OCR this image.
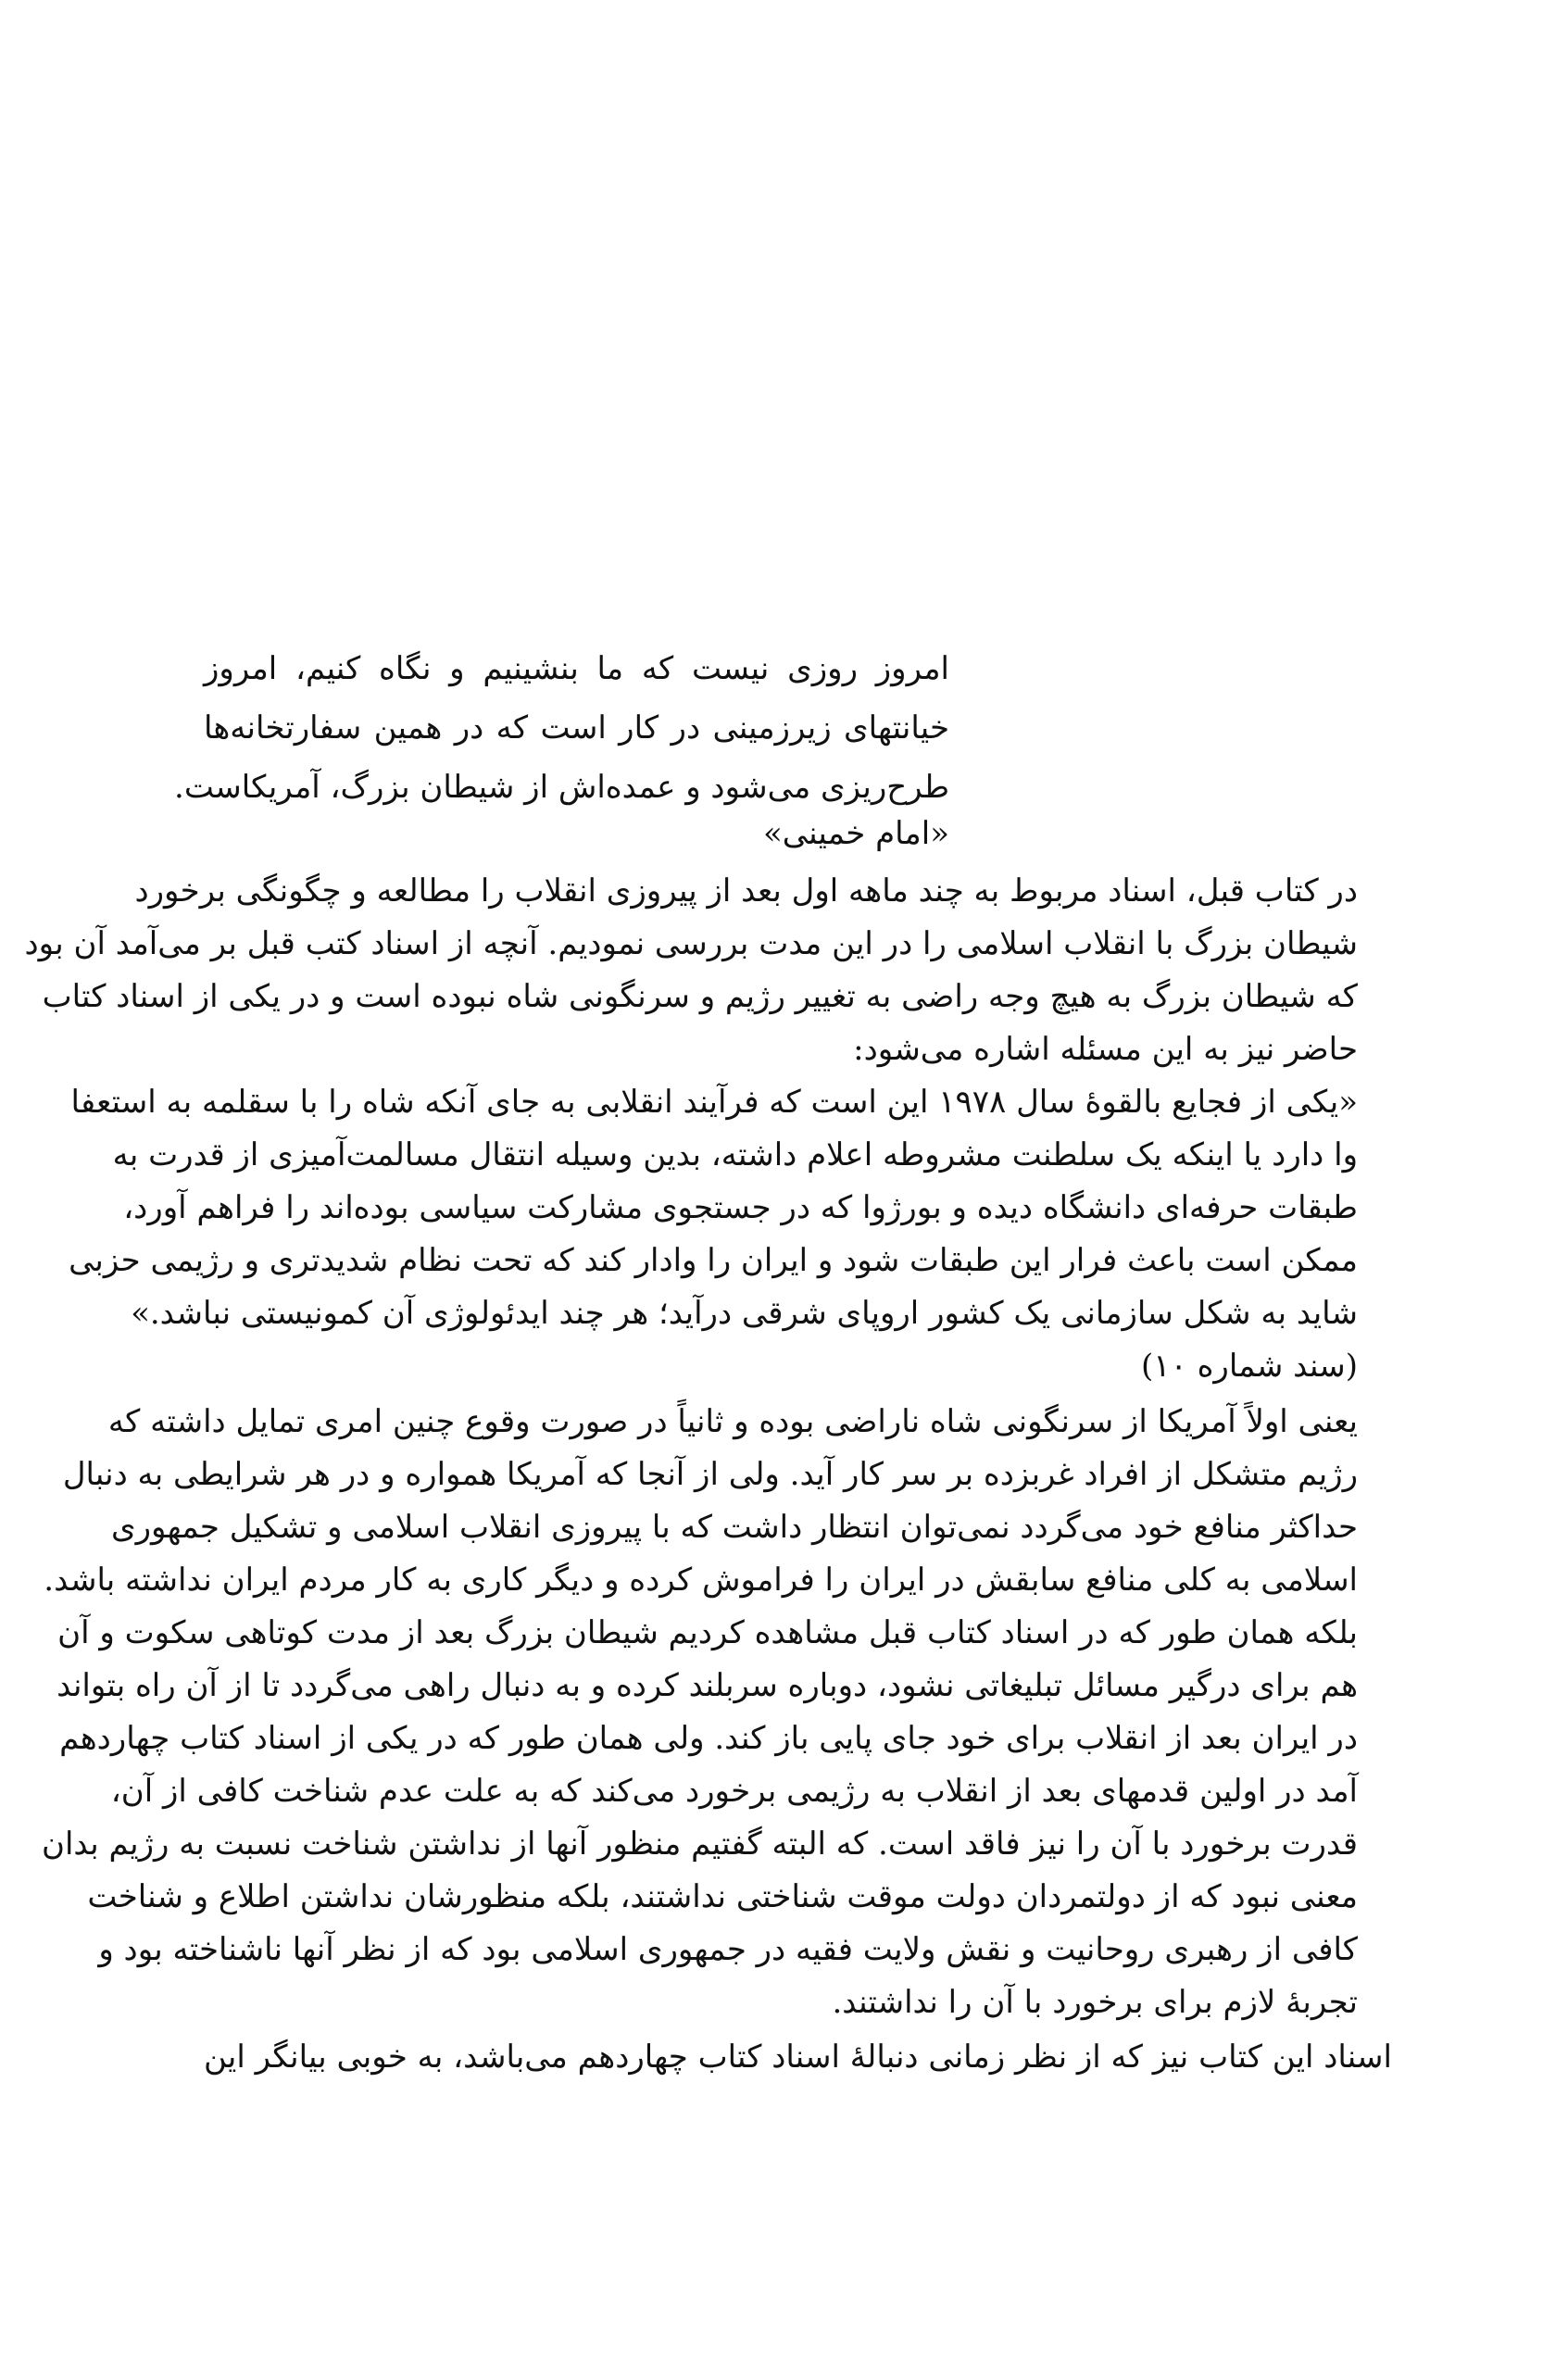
امروز روزی نیست که ما بنشینیم و نگاه کنیم، امروز

خیانتهای زیرزمینی در کار است که در همین سفارتخانه‌ها

طرح‌ریزی می‌شود و عمده‌اش از شیطان بزرگ، آمریکاست.

«امام خمینی»

در کتاب قبل، اسناد مربوط به چند ماهه اول بعد از پیروزی انقلاب را مطالعه و چگونگی برخورد

شیطان بزرگ با انقلاب اسلامی را در این مدت بررسی نمودیم. آنچه از اسناد کتب قبل بر می‌آمد آن بود

که شیطان بزرگ به هیچ وجه راضی به تغییر رژیم و سرنگونی شاه نبوده است و در یکی از اسناد کتاب

حاضر نیز به این مسئله اشاره می‌شود:

«یکی از فجایع بالقوهٔ سال ۱۹۷۸ این است که فرآیند انقلابی به جای آنکه شاه را با سقلمه به استعفا

وا دارد یا اینکه یک سلطنت مشروطه اعلام داشته، بدین وسیله انتقال مسالمت‌آمیزی از قدرت به

طبقات حرفه‌ای دانشگاه دیده و بورژوا که در جستجوی مشارکت سیاسی بوده‌اند را فراهم آورد،

ممکن است باعث فرار این طبقات شود و ایران را وادار کند که تحت نظام شدیدتری و رژیمی حزبی

شاید به شکل سازمانی یک کشور اروپای شرقی درآید؛ هر چند ایدئولوژی آن کمونیستی نباشد.»

(سند شماره ۱۰)

یعنی اولاً آمریکا از سرنگونی شاه ناراضی بوده و ثانیاً در صورت وقوع چنین امری تمایل داشته که

رژیم متشکل از افراد غربزده بر سر کار آید. ولی از آنجا که آمریکا همواره و در هر شرایطی به دنبال

حداکثر منافع خود می‌گردد نمی‌توان انتظار داشت که با پیروزی انقلاب اسلامی و تشکیل جمهوری

اسلامی به کلی منافع سابقش در ایران را فراموش کرده و دیگر کاری به کار مردم ایران نداشته باشد.

بلکه همان طور که در اسناد کتاب قبل مشاهده کردیم شیطان بزرگ بعد از مدت کوتاهی سکوت و آن

هم برای درگیر مسائل تبلیغاتی نشود، دوباره سربلند کرده و به دنبال راهی می‌گردد تا از آن راه بتواند

در ایران بعد از انقلاب برای خود جای پایی باز کند. ولی همان طور که در یکی از اسناد کتاب چهاردهم

آمد در اولین قدمهای بعد از انقلاب به رژیمی برخورد می‌کند که به علت عدم شناخت کافی از آن،

قدرت برخورد با آن را نیز فاقد است. که البته گفتیم منظور آنها از نداشتن شناخت نسبت به رژیم بدان

معنی نبود که از دولتمردان دولت موقت شناختی نداشتند، بلکه منظورشان نداشتن اطلاع و شناخت

کافی از رهبری روحانیت و نقش ولایت فقیه در جمهوری اسلامی بود که از نظر آنها ناشناخته بود و

تجربهٔ لازم برای برخورد با آن را نداشتند.

اسناد این کتاب نیز که از نظر زمانی دنبالهٔ اسناد کتاب چهاردهم می‌باشد، به خوبی بیانگر این
